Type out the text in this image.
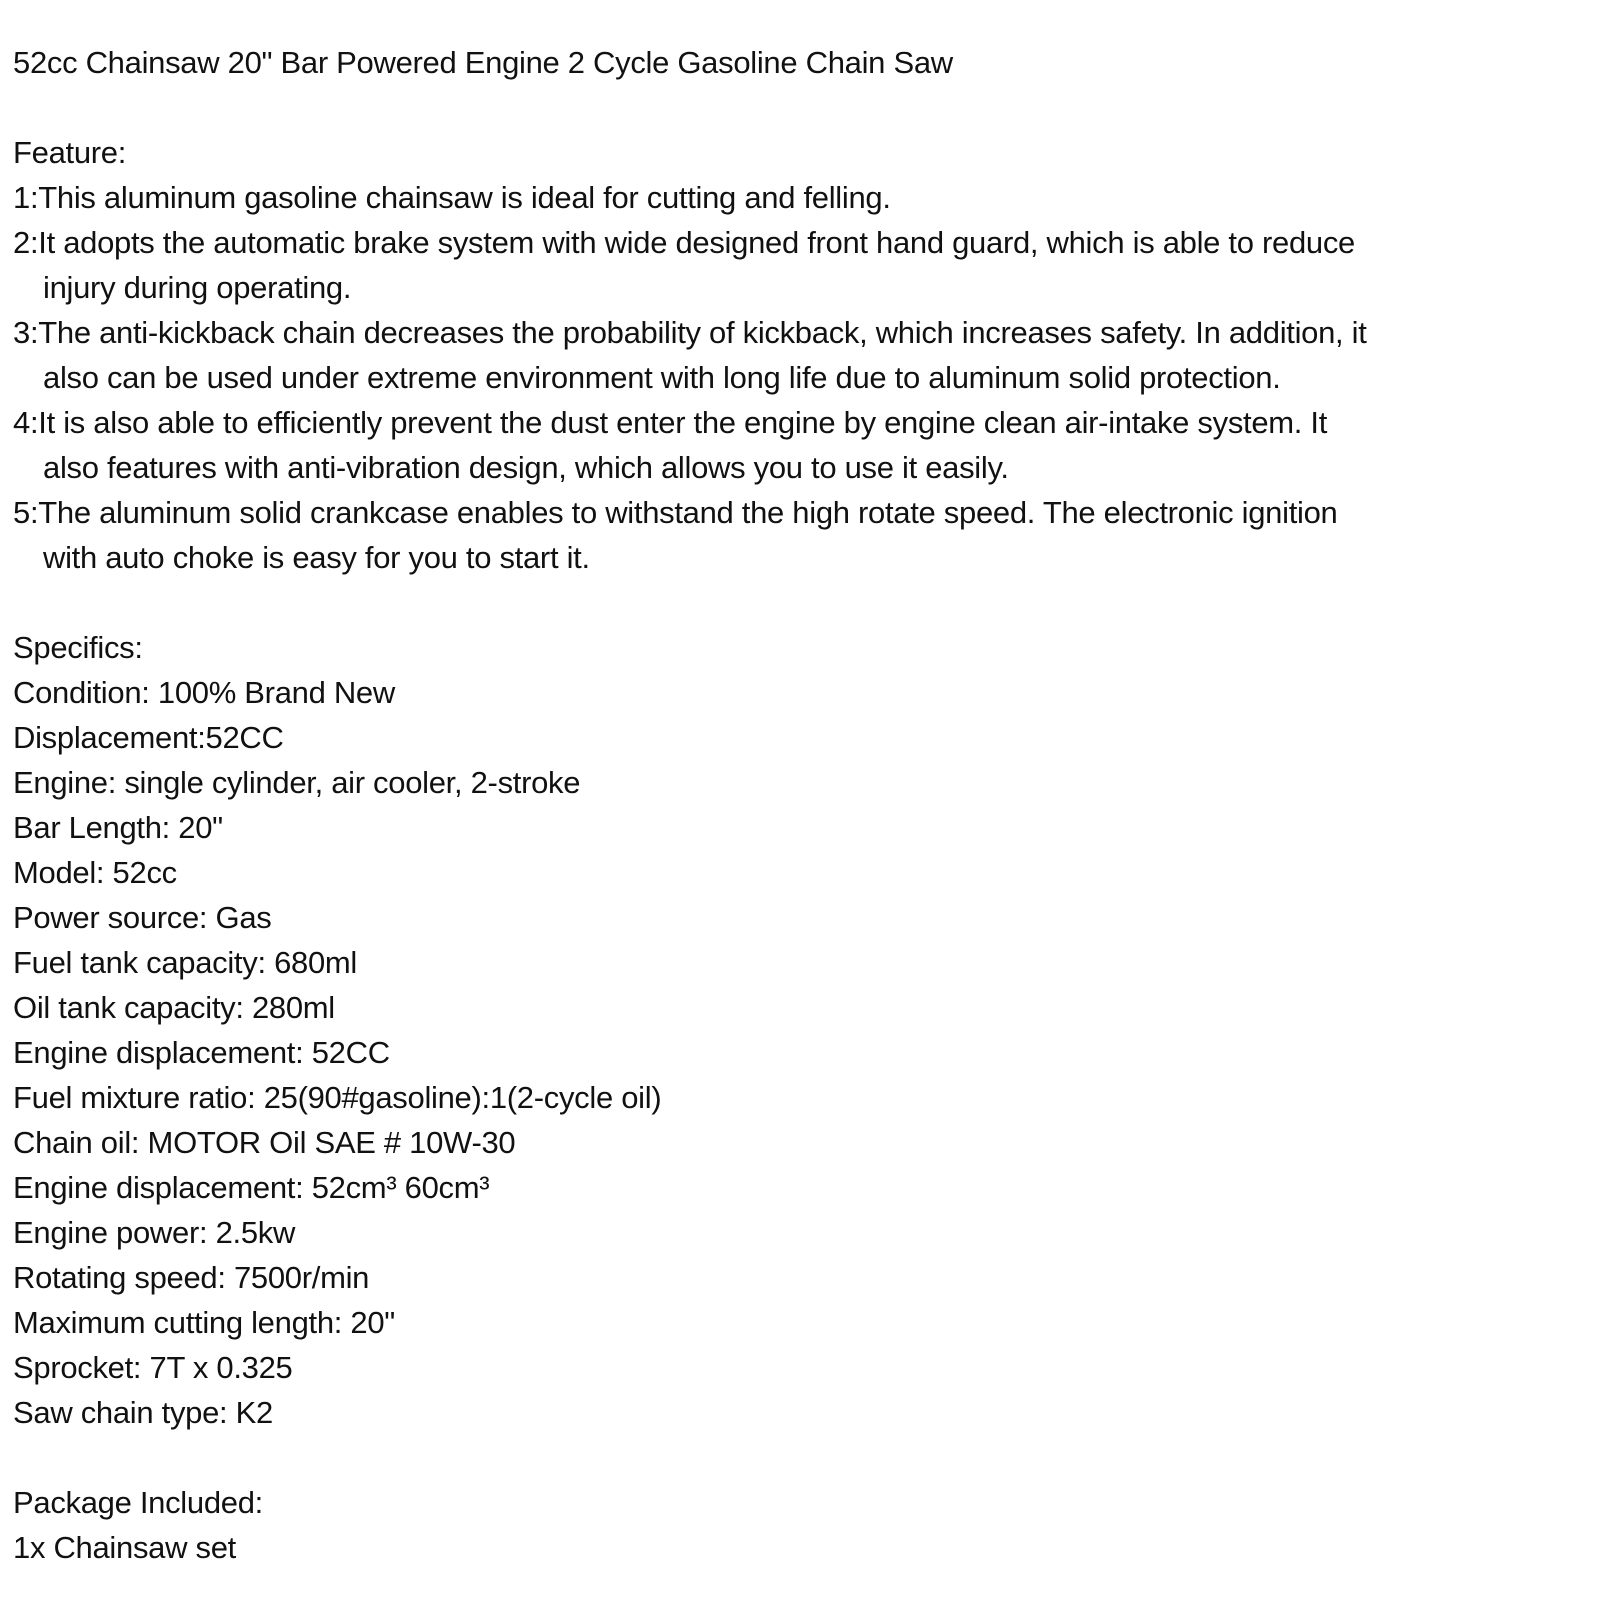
52cc Chainsaw 20" Bar Powered Engine 2 Cycle Gasoline Chain Saw
Feature:
1:This aluminum gasoline chainsaw is ideal for cutting and felling.
2:It adopts the automatic brake system with wide designed front hand guard, which is able to reduce
injury during operating.
3:The anti-kickback chain decreases the probability of kickback, which increases safety. In addition, it
also can be used under extreme environment with long life due to aluminum solid protection.
4:It is also able to efficiently prevent the dust enter the engine by engine clean air-intake system. It
also features with anti-vibration design, which allows you to use it easily.
5:The aluminum solid crankcase enables to withstand the high rotate speed. The electronic ignition
with auto choke is easy for you to start it.
Specifics:
Condition: 100% Brand New
Displacement:52CC
Engine: single cylinder, air cooler, 2-stroke
Bar Length: 20"
Model: 52cc
Power source: Gas
Fuel tank capacity: 680ml
Oil tank capacity: 280ml
Engine displacement: 52CC
Fuel mixture ratio: 25(90#gasoline):1(2-cycle oil)
Chain oil: MOTOR Oil SAE # 10W-30
Engine displacement: 52cm³ 60cm³
Engine power: 2.5kw
Rotating speed: 7500r/min
Maximum cutting length: 20"
Sprocket: 7T x 0.325
Saw chain type: K2
Package Included:
1x Chainsaw set
